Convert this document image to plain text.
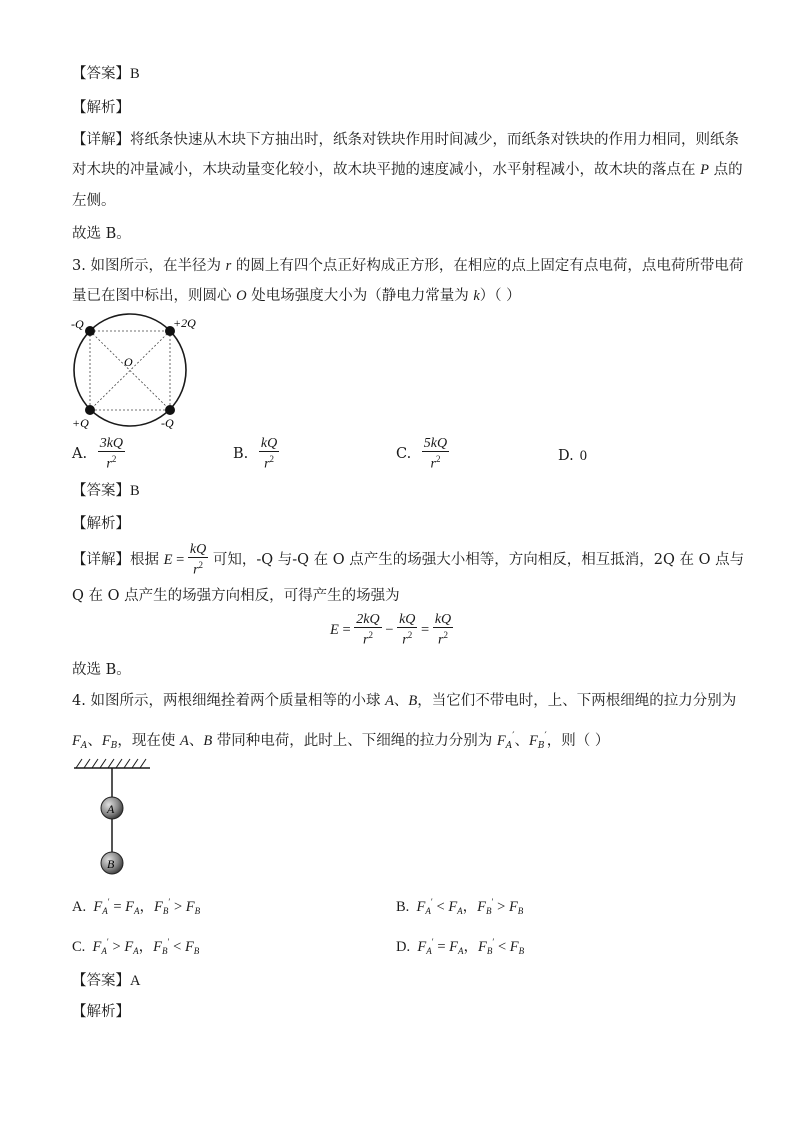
【答案】B
【解析】
【详解】将纸条快速从木块下方抽出时，纸条对铁块作用时间减少，而纸条对铁块的作用力相同，则纸条
对木块的冲量减小，木块动量变化较小，故木块平抛的速度减小，水平射程减小，故木块的落点在 P 点的
左侧。
故选 B。
3. 如图所示，在半径为 r 的圆上有四个点正好构成正方形，在相应的点上固定有点电荷，点电荷所带电荷
量已在图中标出，则圆心 O 处电场强度大小为（静电力常量为 k）（ ）
-Q	+2Q
+Q	-Q
O
A. $\frac{3kQ}{r^2}$	B. $\frac{kQ}{r^2}$	C. $\frac{5kQ}{r^2}$	D. 0
【答案】B
【解析】
【详解】根据 $E = \frac{kQ}{r^2}$ 可知，-Q 与-Q 在 O 点产生的场强大小相等，方向相反，相互抵消，2Q 在 O 点与
Q 在 O 点产生的场强方向相反，可得产生的场强为
$E = \frac{2kQ}{r^2} - \frac{kQ}{r^2} = \frac{kQ}{r^2}$
故选 B。
4. 如图所示，两根细绳拴着两个质量相等的小球 A、B，当它们不带电时，上、下两根细绳的拉力分别为
$F_A$、$F_B$，现在使 A、B 带同种电荷，此时上、下细绳的拉力分别为 $F_A'$、$F_B'$，则（ ）
A
B
A. $F_A' = F_A$，$F_B' > F_B$	B. $F_A' < F_A$，$F_B' > F_B$
C. $F_A' > F_A$，$F_B' < F_B$	D. $F_A' = F_A$，$F_B' < F_B$
【答案】A
【解析】
